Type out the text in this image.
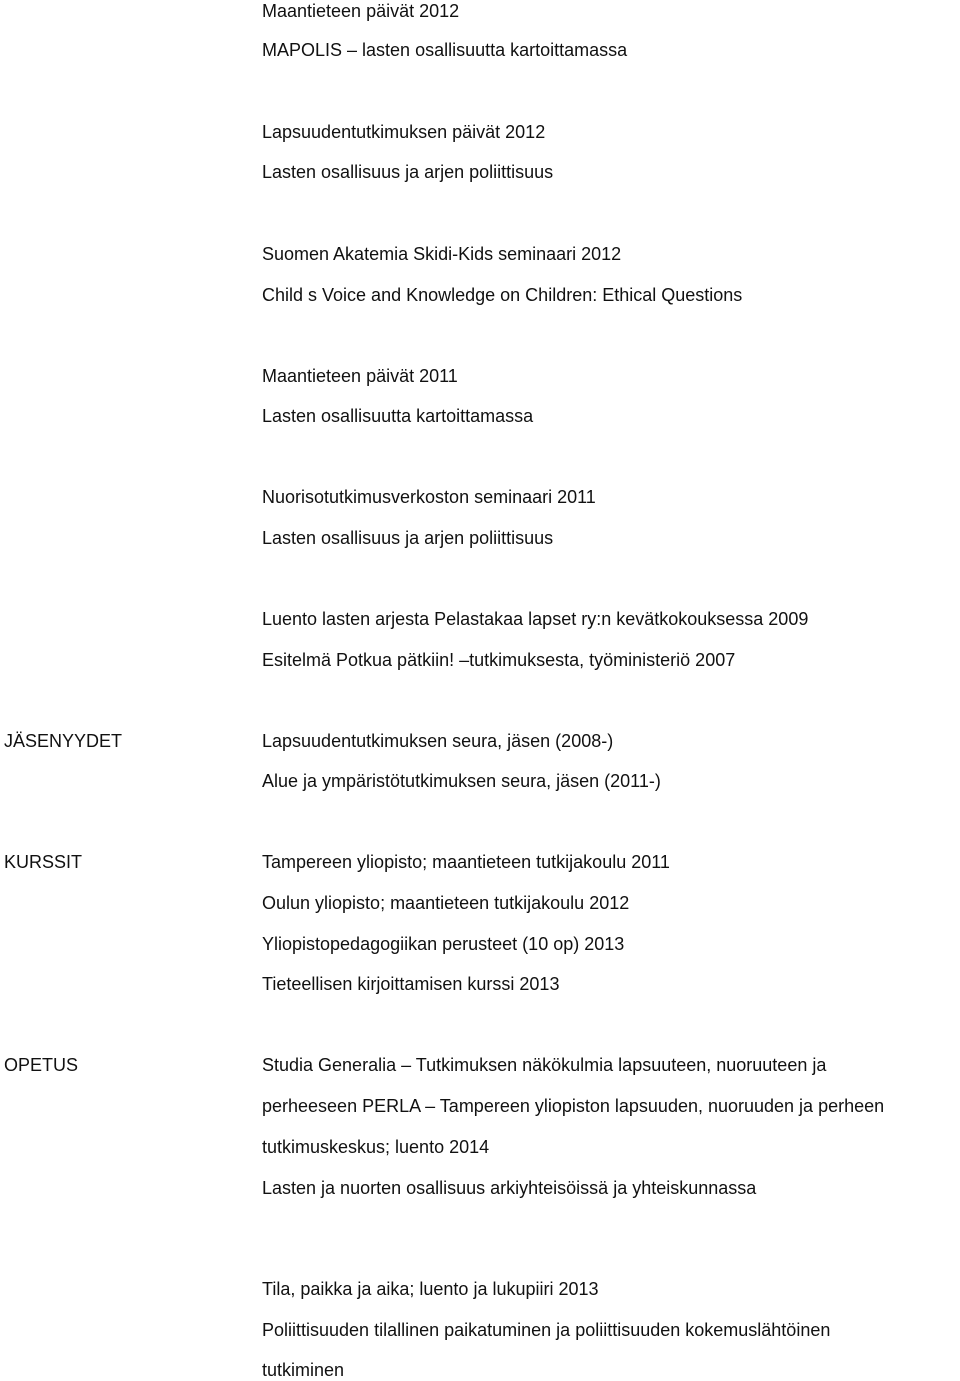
Maantieteen päivät 2012
MAPOLIS – lasten osallisuutta kartoittamassa
Lapsuudentutkimuksen päivät 2012
Lasten osallisuus ja arjen poliittisuus
Suomen Akatemia Skidi-Kids seminaari 2012
Child s Voice and Knowledge on Children: Ethical Questions
Maantieteen päivät 2011
Lasten osallisuutta kartoittamassa
Nuorisotutkimusverkoston seminaari 2011
Lasten osallisuus ja arjen poliittisuus
Luento lasten arjesta Pelastakaa lapset ry:n kevätkokouksessa 2009
Esitelmä Potkua pätkiin! –tutkimuksesta, työministeriö 2007
JÄSENYYDET	Lapsuudentutkimuksen seura, jäsen (2008-)
Alue ja ympäristötutkimuksen seura, jäsen (2011-)
KURSSIT	Tampereen yliopisto; maantieteen tutkijakoulu 2011
Oulun yliopisto; maantieteen tutkijakoulu 2012
Yliopistopedagogiikan perusteet (10 op) 2013
Tieteellisen kirjoittamisen kurssi 2013
OPETUS	Studia Generalia – Tutkimuksen näkökulmia lapsuuteen, nuoruuteen ja
perheeseen PERLA – Tampereen yliopiston lapsuuden, nuoruuden ja perheen
tutkimuskeskus; luento 2014
Lasten ja nuorten osallisuus arkiyhteisöissä ja yhteiskunnassa
Tila, paikka ja aika; luento ja lukupiiri 2013
Poliittisuuden tilallinen paikatuminen ja poliittisuuden kokemuslähtöinen
tutkiminen
